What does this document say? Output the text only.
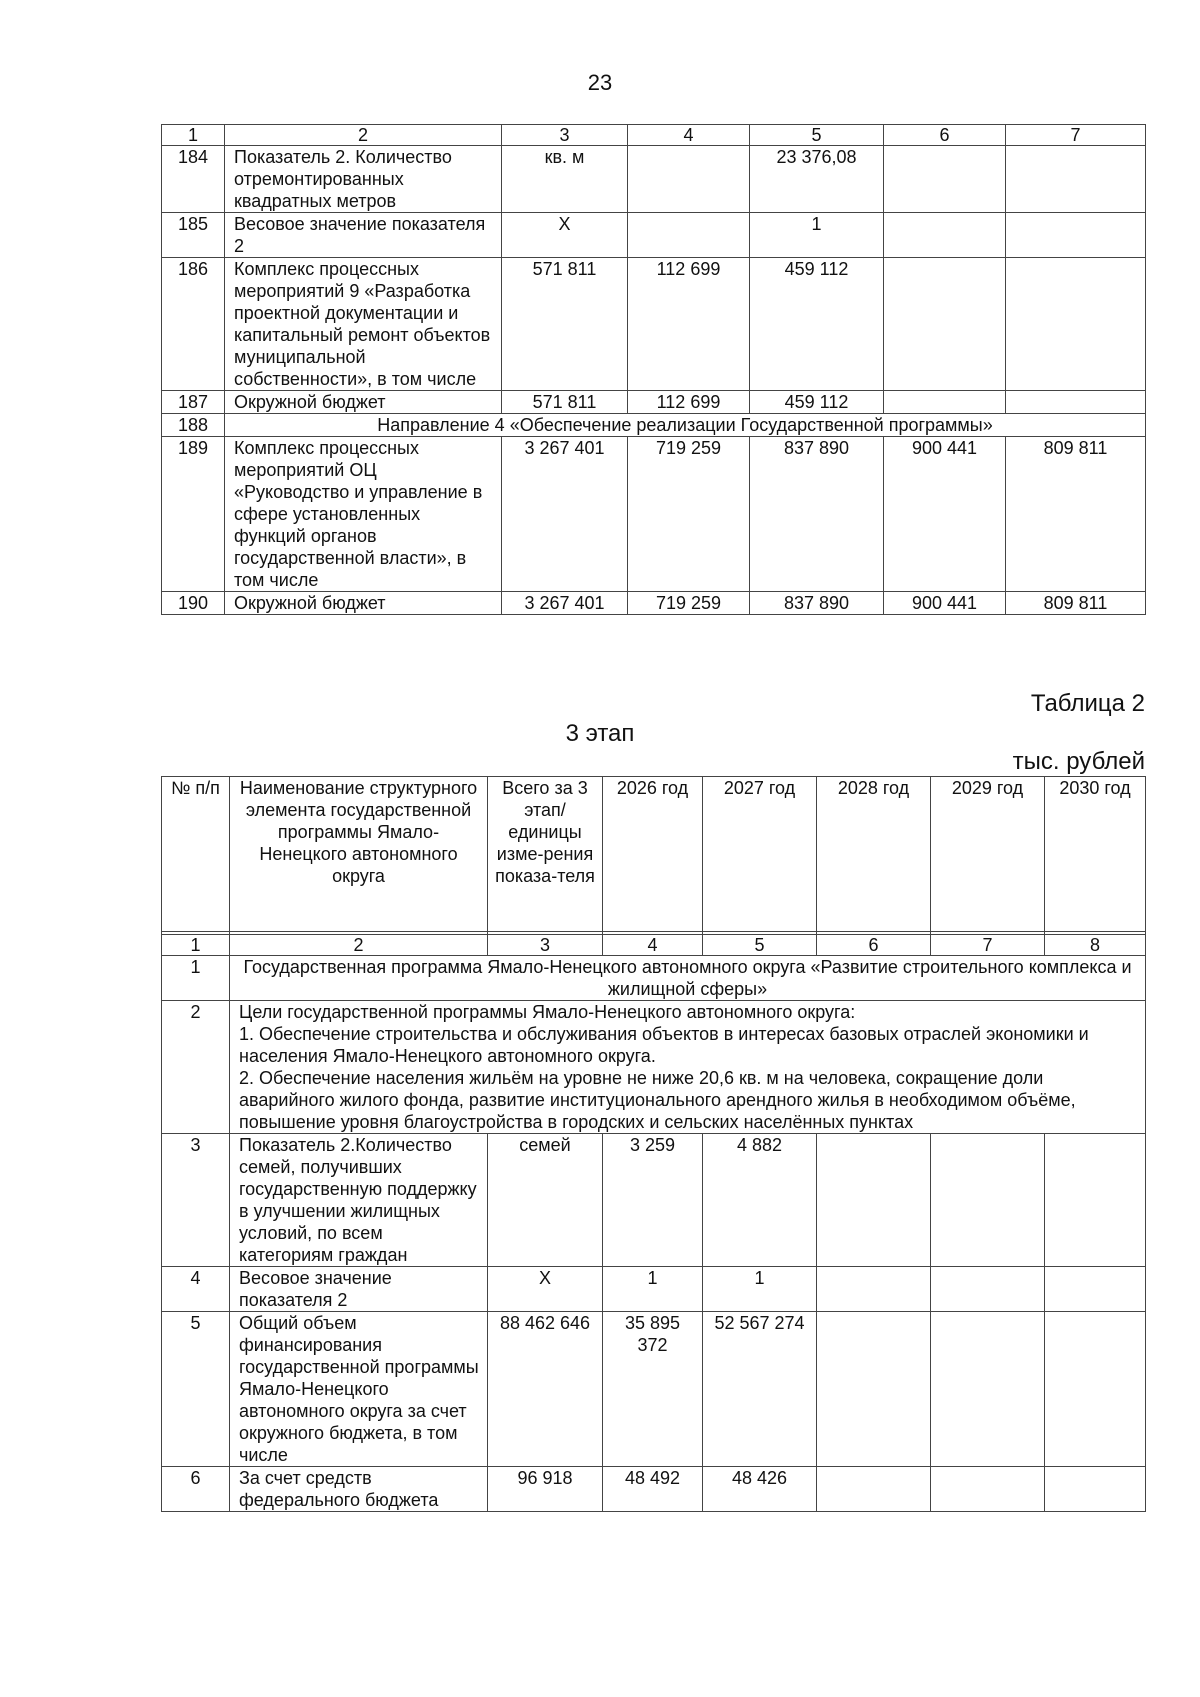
23
1	2	3	4	5	6	7
184	Показатель 2. Количество отремонтированных квадратных метров	кв. м		23 376,08		
185	Весовое значение показателя 2	Х		1		
186	Комплекс процессных мероприятий 9 «Разработка проектной документации и капитальный ремонт объектов муниципальной собственности», в том числе	571 811	112 699	459 112		
187	Окружной бюджет	571 811	112 699	459 112		
188	Направление 4 «Обеспечение реализации Государственной программы»					
189	Комплекс процессных мероприятий ОЦ «Руководство и управление в сфере установленных функций органов государственной власти», в том числе	3 267 401	719 259	837 890	900 441	809 811
190	Окружной бюджет	3 267 401	719 259	837 890	900 441	809 811
Таблица 2
3 этап
тыс. рублей
№ п/п	Наименование структурного элемента государственной программы Ямало-Ненецкого автономного округа	Всего за 3 этап/ единицы изме-рения показа-теля	2026 год	2027 год	2028 год	2029 год	2030 год

1	2	3	4	5	6	7	8
1	Государственная программа Ямало-Ненецкого автономного округа «Развитие строительного комплекса и жилищной сферы»						
2	Цели государственной программы Ямало-Ненецкого автономного округа:
1. Обеспечение строительства и обслуживания объектов в интересах базовых отраслей экономики и населения Ямало-Ненецкого автономного округа.
2. Обеспечение населения жильём на уровне не ниже 20,6 кв. м на человека, сокращение доли аварийного жилого фонда, развитие институционального арендного жилья в необходимом объёме, повышение уровня благоустройства в городских и сельских населённых пунктах						

3	Показатель 2.Количество семей, получивших государственную поддержку в улучшении жилищных условий, по всем категориям граждан	семей	3 259	4 882			
4	Весовое значение показателя 2	Х	1	1			
5	Общий объем финансирования государственной программы Ямало-Ненецкого автономного округа за счет окружного бюджета, в том числе	88 462 646	35 895 372	52 567 274			
6	За счет средств федерального бюджета	96 918	48 492	48 426			
